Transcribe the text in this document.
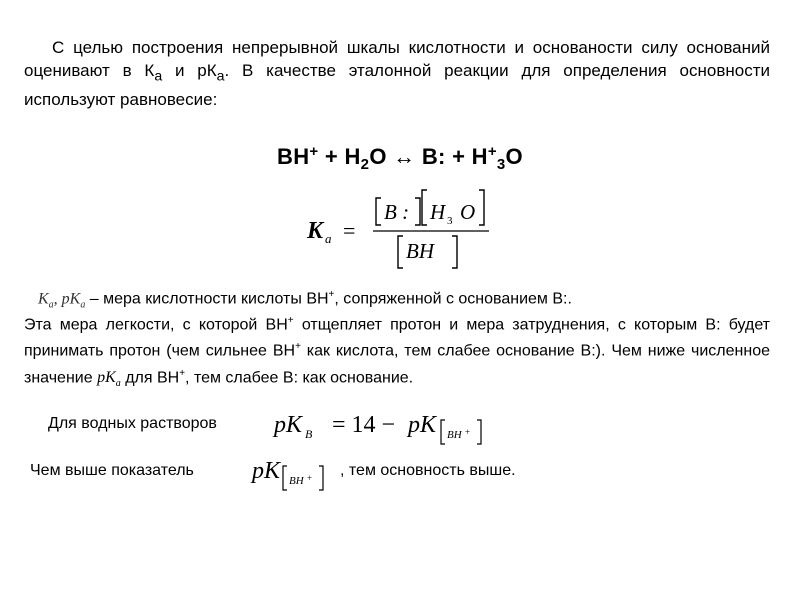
С целью построения непрерывной шкалы кислотности и основаности силу оснований оценивают в $К_а$ и $рК_а$. В качестве эталонной реакции для определения основности используют равновесие:

$ВН^+ + Н_2О$ ↔ В: + $Н^+_3О$
K a =
B : H 3 O
BH
$K_a$, $pK_a$ – мера кислотности кислоты ВН+, сопряженной с основанием В:.
Эта мера легкости, с которой ВН+ отщепляет протон и мера затруднения, с которым В: будет принимать протон (чем сильнее ВН+ как кислота, тем слабее основание В:). Чем ниже численное значение $pK_a$ для ВН+, тем слабее В: как основание.
Для водных растворов pK B = 14 − pK BH +
Чем выше показатель pK BH + , тем основность выше.
